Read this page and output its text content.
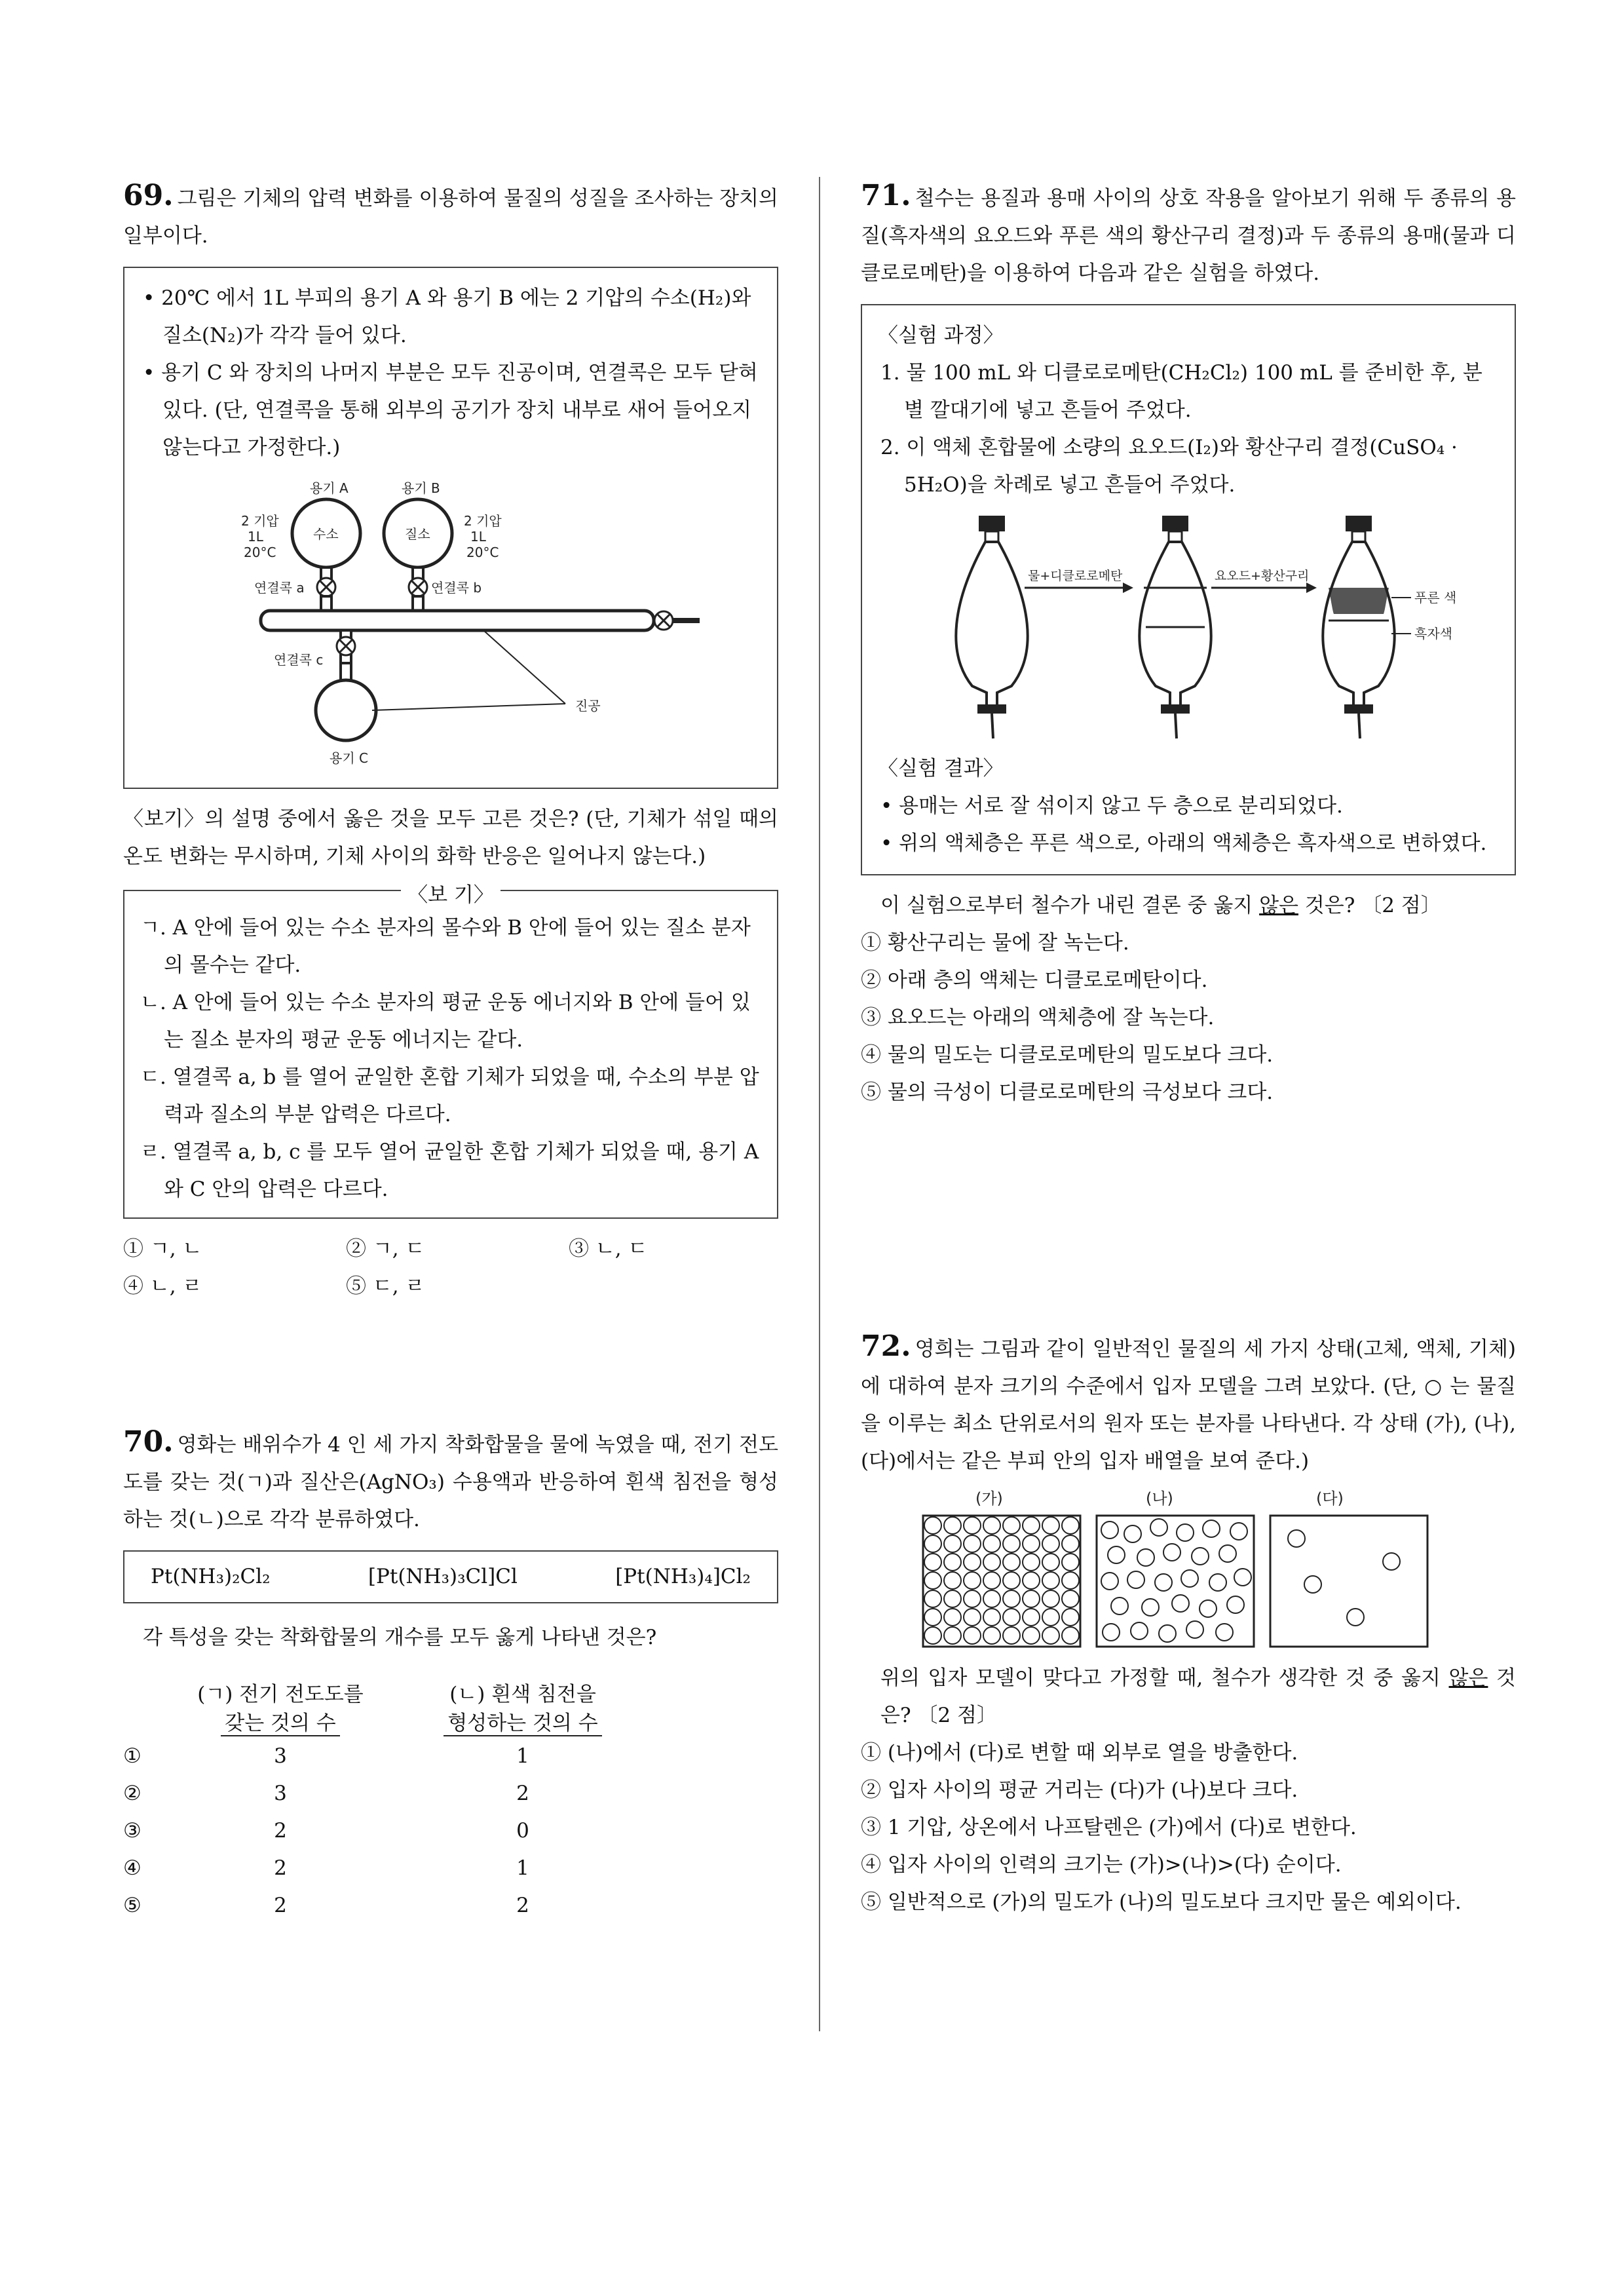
69. 그림은 기체의 압력 변화를 이용하여 물질의 성질을 조사하는 장치의 일부이다.

• 20℃ 에서 1L 부피의 용기 A 와 용기 B 에는 2 기압의 수소(H₂)와 질소(N₂)가 각각 들어 있다.

• 용기 C 와 장치의 나머지 부분은 모두 진공이며, 연결콕은 모두 닫혀 있다. (단, 연결콕을 통해 외부의 공기가 장치 내부로 새어 들어오지 않는다고 가정한다.)

용기 A
수소
용기 B
질소
2 기압
1L
20°C
2 기압
1L
20°C
연결콕 a	연결콕 b
연결콕 c
용기 C
진공

〈보기〉의 설명 중에서 옳은 것을 모두 고른 것은? (단, 기체가 섞일 때의 온도 변화는 무시하며, 기체 사이의 화학 반응은 일어나지 않는다.)

〈보 기〉

ㄱ. A 안에 들어 있는 수소 분자의 몰수와 B 안에 들어 있는 질소 분자의 몰수는 같다.

ㄴ. A 안에 들어 있는 수소 분자의 평균 운동 에너지와 B 안에 들어 있는 질소 분자의 평균 운동 에너지는 같다.

ㄷ. 열결콕 a, b 를 열어 균일한 혼합 기체가 되었을 때, 수소의 부분 압력과 질소의 부분 압력은 다르다.

ㄹ. 열결콕 a, b, c 를 모두 열어 균일한 혼합 기체가 되었을 때, 용기 A 와 C 안의 압력은 다르다.

① ㄱ, ㄴ	② ㄱ, ㄷ	③ ㄴ, ㄷ
④ ㄴ, ㄹ	⑤ ㄷ, ㄹ

70. 영화는 배위수가 4 인 세 가지 착화합물을 물에 녹였을 때, 전기 전도도를 갖는 것(ㄱ)과 질산은(AgNO₃) 수용액과 반응하여 흰색 침전을 형성하는 것(ㄴ)으로 각각 분류하였다.

Pt(NH₃)₂Cl₂	[Pt(NH₃)₃Cl]Cl	[Pt(NH₃)₄]Cl₂

각 특성을 갖는 착화합물의 개수를 모두 옳게 나타낸 것은?

(ㄱ) 전기 전도도를
갖는 것의 수
(ㄴ) 흰색 침전을
형성하는 것의 수
①	3	1
②	3	2
③	2	0
④	2	1
⑤	2	2

71. 철수는 용질과 용매 사이의 상호 작용을 알아보기 위해 두 종류의 용질(흑자색의 요오드와 푸른 색의 황산구리 결정)과 두 종류의 용매(물과 디클로로메탄)을 이용하여 다음과 같은 실험을 하였다.

〈실험 과정〉

1. 물 100 mL 와 디클로로메탄(CH₂Cl₂) 100 mL 를 준비한 후, 분별 깔대기에 넣고 흔들어 주었다.

2. 이 액체 혼합물에 소량의 요오드(I₂)와 황산구리 결정(CuSO₄ · 5H₂O)을 차례로 넣고 흔들어 주었다.

물+디클로로메탄	요오드+황산구리
푸른 색
흑자색

〈실험 결과〉

• 용매는 서로 잘 섞이지 않고 두 층으로 분리되었다.

• 위의 액체층은 푸른 색으로, 아래의 액체층은 흑자색으로 변하였다.

이 실험으로부터 철수가 내린 결론 중 옳지 않은 것은? 〔2 점〕

① 황산구리는 물에 잘 녹는다.

② 아래 층의 액체는 디클로로메탄이다.

③ 요오드는 아래의 액체층에 잘 녹는다.

④ 물의 밀도는 디클로로메탄의 밀도보다 크다.

⑤ 물의 극성이 디클로로메탄의 극성보다 크다.

72. 영희는 그림과 같이 일반적인 물질의 세 가지 상태(고체, 액체, 기체)에 대하여 분자 크기의 수준에서 입자 모델을 그려 보았다. (단, ○ 는 물질을 이루는 최소 단위로서의 원자 또는 분자를 나타낸다. 각 상태 (가), (나), (다)에서는 같은 부피 안의 입자 배열을 보여 준다.)

(가)	(나)	(다)

위의 입자 모델이 맞다고 가정할 때, 철수가 생각한 것 중 옳지 않은 것은? 〔2 점〕

① (나)에서 (다)로 변할 때 외부로 열을 방출한다.

② 입자 사이의 평균 거리는 (다)가 (나)보다 크다.

③ 1 기압, 상온에서 나프탈렌은 (가)에서 (다)로 변한다.

④ 입자 사이의 인력의 크기는 (가)>(나)>(다) 순이다.

⑤ 일반적으로 (가)의 밀도가 (나)의 밀도보다 크지만 물은 예외이다.
